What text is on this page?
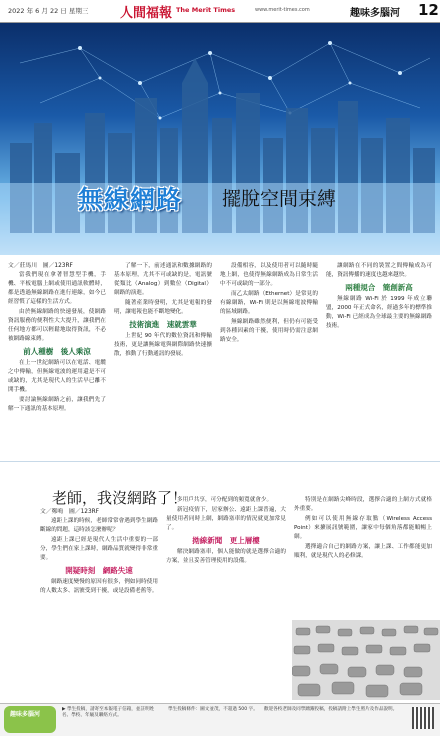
2022 年 6 月 22 日 星期三 人間福報 The Merit Times	www.merit-times.com	趣味多腦河 12
無線網路 擺脫空間束縛
文／莊馬川　圖／123RF

當我們現在拿著智慧型手機，手機、平板電腦上網或使用通訊軟體時，都是透過無線網路在進行連線，如今已經習慣了這樣的生活方式。

由於無線網路的快速發展，使網路資訊服務的便利性大大提升，讓我們在任何地方都可以輕鬆地取得資訊，不必被網路線束縛。

前人種樹　後人乘涼

在上一世紀網路可以在電話、電纜之中傳輸，但無線電波的運用還是不可或缺的，尤其是現代人的生活早已離不開手機。

要討論無線網路之前，讓我們先了解一下通訊的基本原理。

了解一下，前述通訊和數據網路的基本原理，尤其不可或缺的是，電訊號從類比（Analog）到數位（Digital）網路的演進。

隨著產業時發明，尤其是電報的發明，讓電報也能不斷地變化。

技術演進　速就雲華

上世紀 90 年代的數位資訊和傳輸技術，更是讓無線電與網際網路快速擴散，推動了行動通訊的發展。

設備相容，以及使用者可以隨時隨地上網，也使得無線網路成為日常生活中不可或缺的一部分。

而乙太網路（Ethernet）是常見的有線網路，Wi-Fi 則是以無線電波傳輸的區域網路。

無線網路雖然便利，但仍有可能受到各種因素的干擾，使用時仍需注意網路安全。

讓網路在不同的裝置之間傳輸成為可能，資訊傳播的速度也越來越快。

兩種規合　簡創新高

無線網路 Wi-Fi 於 1999 年成立聯盟，2000 年正式命名，經過多年的標準推動，Wi-Fi 已經成為全球最主要的無線網路技術。

老師，我沒網路了！
文／鄭鳴　圖／123RF

遠距上課的時候，老師常常會遇到學生網路斷線的問題，這時該怎麼辦呢？

遠距上課已經是現代人生活中重要的一部分，學生們在家上課時，網路品質就變得非常重要。

開疑時刻　網路失速

網路速度變慢的原因有很多，例如同時使用的人數太多、訊號受到干擾，或是設備老舊等。

多用戶共享，可分配到的頻寬就會少。

新冠疫情下，居家辦公、遠距上課普遍，大量使用者同時上網，網路塞車的情況就更加常見了。

拗線新聞　更上層樓

解決網路塞車，個人能做的就是選擇合適的方案，並且妥善管理使用的設備。

特別是在網路尖峰時段，選擇合適的上網方式就格外重要。

例如可以使用無線存取點（Wireless Access Point）來擴展訊號範圍，讓家中每個角落都能順暢上網。

選擇適合自己的網路方案，讓上課、工作都能更加順利，就是現代人的必修課。

趣味多腦河
▶ 學生投稿，請寄至本報電子信箱，並註明姓名、學校、年級及聯絡方式。
學生投稿條件：圖文並茂，不超過 500 字。 歡迎各校老師及同學踴躍投稿，投稿請附上學生照片及作品說明。
